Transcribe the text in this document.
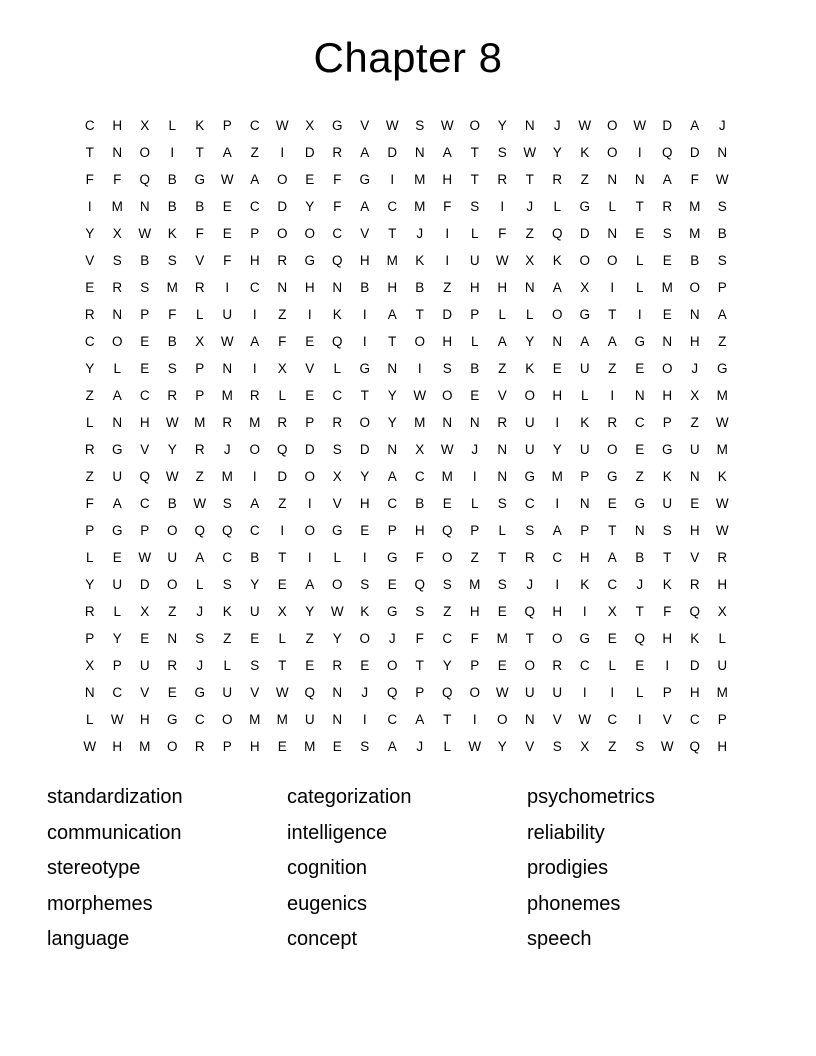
Chapter 8
C	H	X	L	K	P	C	W	X	G	V	W	S	W	O	Y	N	J	W	O	W	D	A	J
T	N	O	I	T	A	Z	I	D	R	A	D	N	A	T	S	W	Y	K	O	I	Q	D	N
F	F	Q	B	G	W	A	O	E	F	G	I	M	H	T	R	T	R	Z	N	N	A	F	W
I	M	N	B	B	E	C	D	Y	F	A	C	M	F	S	I	J	L	G	L	T	R	M	S
Y	X	W	K	F	E	P	O	O	C	V	T	J	I	L	F	Z	Q	D	N	E	S	M	B
V	S	B	S	V	F	H	R	G	Q	H	M	K	I	U	W	X	K	O	O	L	E	B	S
E	R	S	M	R	I	C	N	H	N	B	H	B	Z	H	H	N	A	X	I	L	M	O	P
R	N	P	F	L	U	I	Z	I	K	I	A	T	D	P	L	L	O	G	T	I	E	N	A
C	O	E	B	X	W	A	F	E	Q	I	T	O	H	L	A	Y	N	A	A	G	N	H	Z
Y	L	E	S	P	N	I	X	V	L	G	N	I	S	B	Z	K	E	U	Z	E	O	J	G
Z	A	C	R	P	M	R	L	E	C	T	Y	W	O	E	V	O	H	L	I	N	H	X	M
L	N	H	W	M	R	M	R	P	R	O	Y	M	N	N	R	U	I	K	R	C	P	Z	W
R	G	V	Y	R	J	O	Q	D	S	D	N	X	W	J	N	U	Y	U	O	E	G	U	M
Z	U	Q	W	Z	M	I	D	O	X	Y	A	C	M	I	N	G	M	P	G	Z	K	N	K
F	A	C	B	W	S	A	Z	I	V	H	C	B	E	L	S	C	I	N	E	G	U	E	W
P	G	P	O	Q	Q	C	I	O	G	E	P	H	Q	P	L	S	A	P	T	N	S	H	W
L	E	W	U	A	C	B	T	I	L	I	G	F	O	Z	T	R	C	H	A	B	T	V	R
Y	U	D	O	L	S	Y	E	A	O	S	E	Q	S	M	S	J	I	K	C	J	K	R	H
R	L	X	Z	J	K	U	X	Y	W	K	G	S	Z	H	E	Q	H	I	X	T	F	Q	X
P	Y	E	N	S	Z	E	L	Z	Y	O	J	F	C	F	M	T	O	G	E	Q	H	K	L
X	P	U	R	J	L	S	T	E	R	E	O	T	Y	P	E	O	R	C	L	E	I	D	U
N	C	V	E	G	U	V	W	Q	N	J	Q	P	Q	O	W	U	U	I	I	L	P	H	M
L	W	H	G	C	O	M	M	U	N	I	C	A	T	I	O	N	V	W	C	I	V	C	P
W	H	M	O	R	P	H	E	M	E	S	A	J	L	W	Y	V	S	X	Z	S	W	Q	H
standardization
communication
stereotype
morphemes
language
categorization
intelligence
cognition
eugenics
concept
psychometrics
reliability
prodigies
phonemes
speech
